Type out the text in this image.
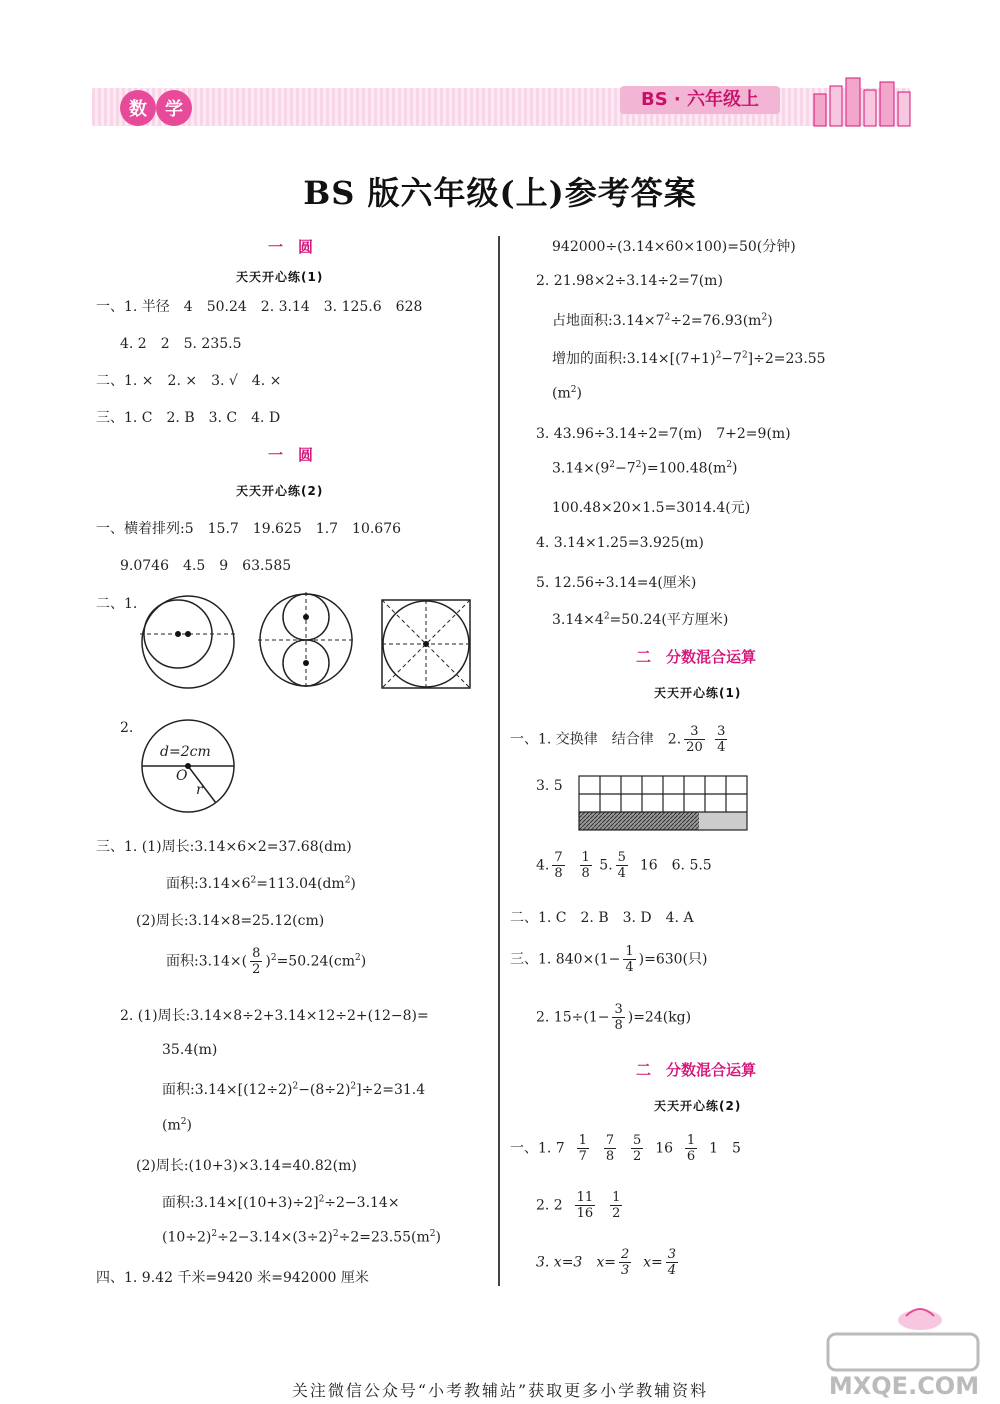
数 学	BS · 六年级上
BS 版六年级(上)参考答案
一　圆
天天开心练(1)
一、1. 半径　4　50.24　2. 3.14　3. 125.6　628
4. 2　2　5. 235.5
二、1. ×　2. ×　3. √　4. ×
三、1. C　2. B　3. C　4. D
一　圆
天天开心练(2)
一、横着排列:5　15.7　19.625　1.7　10.676
9.0746　4.5　9　63.585
二、1.
2.
d=2cm
O
r
三、1. (1)周长:3.14×6×2=37.68(dm)
面积$:3.14\times 6^2=113.04(dm^2)$
(2)周长:3.14×8=25.12(cm)
面积:3.14×( $\frac{8}{2} )^2=50.24(cm^2)$
2. (1)周长:3.14×8÷2+3.14×12÷2+(12−8)=
35.4(m)
面积$:3.14\times[(12\div 2)^2-(8\div 2)^2]\div 2=31.4$
$(m^2)$
(2)周长:(10+3)×3.14=40.82(m)
面积$:3.14\times[(10+3)\div 2]^2\div 2-3.14\times$
$(10\div 2)^2\div 2-3.14\times(3\div 2)^2\div 2=23.55(m^2)$
四、1. 9.42 千米=9420 米=942000 厘米
942000÷(3.14×60×100)=50(分钟)
2. 21.98×2÷3.14÷2=7(m)
占地面积$:3.14\times 7^2\div 2=76.93(m^2)$
增加的面积$:3.14\times[(7+1)^2-7^2]\div 2=23.55$
$(m^2)$
3. 43.96÷3.14÷2=7(m)　7+2=9(m)
$3.14\times(9^2-7^2)=100.48(m^2)$
100.48×20×1.5=3014.4(元)
4. 3.14×1.25=3.925(m)
5. 12.56÷3.14=4(厘米)
$3.14\times 4^2=50.24$(平方厘米)
二　分数混合运算
天天开心练(1)
一、1. 交换律　结合律　2. $\frac{3}{20}$
$\frac{3}{4}$
3. 5
4. $\frac{7}{8}$
$\frac{1}{8} 5$. $\frac{5}{4} 16$　6. 5.5
二、1. C　2. B　3. D　4. A
三、1. $840\times(1- \frac{1}{4} )=630$(只)
2. $15\div(1- \frac{3}{8} )=24(kg)$
二　分数混合运算
天天开心练(2)
一、1. $7 \frac{1}{7}$
$\frac{7}{8}$
$\frac{5}{2} 16 \frac{1}{6} 1$　5
2. $2 \frac{11}{16}$
$\frac{1}{2}$
3. x=3　$x= \frac{2}{3} x= \frac{3}{4}$
MXQE.COM
关注微信公众号“小考教辅站”获取更多小学教辅资料
